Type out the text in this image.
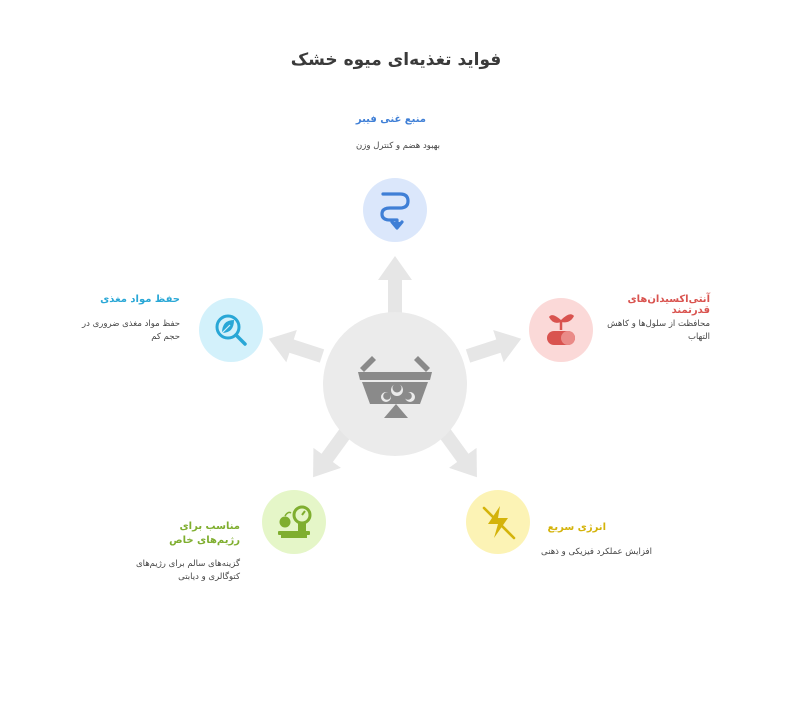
فواید تغذیه‌ای میوه خشک
منبع غنی فیبر
بهبود هضم و کنترل وزن
آنتی‌اکسیدان‌های قدرتمند
محافظت از سلول‌ها و کاهش التهاب
انرژی سریع
افزایش عملکرد فیزیکی و ذهنی
مناسب برای رژیم‌های خاص
گزینه‌های سالم برای رژیم‌های کتوگالری و دیابتی
حفظ مواد مغذی
حفظ مواد مغذی ضروری در حجم کم
